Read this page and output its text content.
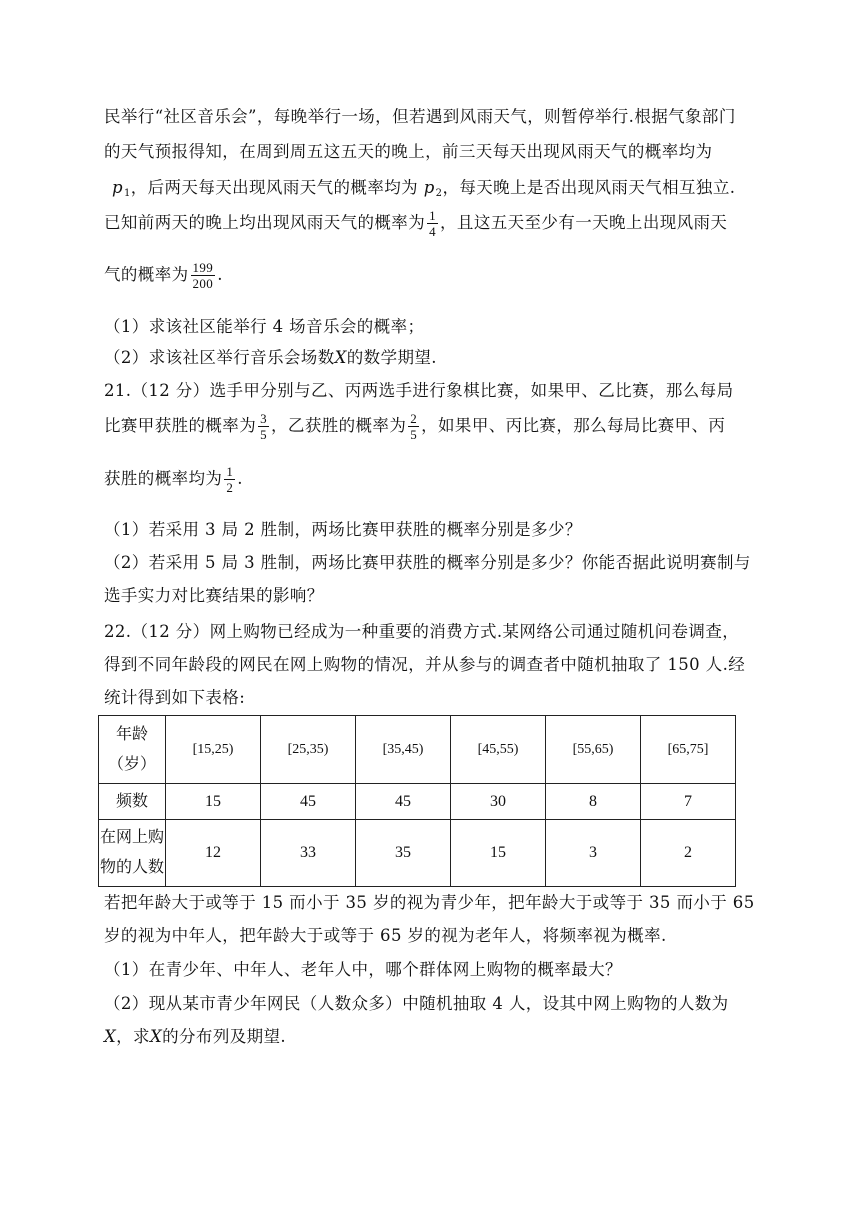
民举行“社区音乐会”，每晚举行一场，但若遇到风雨天气，则暂停举行.根据气象部门
的天气预报得知，在周到周五这五天的晚上，前三天每天出现风雨天气的概率均为
$p_1$，后两天每天出现风雨天气的概率均为 $p_2$，每天晚上是否出现风雨天气相互独立.
已知前两天的晚上均出现风雨天气的概率为 $\frac{1}{4}$ ，且这五天至少有一天晚上出现风雨天
气的概率为 $\frac{199}{200}$ .
（1）求该社区能举行 4 场音乐会的概率；
（2）求该社区举行音乐会场数X的数学期望.
21.（12 分）选手甲分别与乙、丙两选手进行象棋比赛，如果甲、乙比赛，那么每局
比赛甲获胜的概率为 $\frac{3}{5}$ ，乙获胜的概率为 $\frac{2}{5}$ ，如果甲、丙比赛，那么每局比赛甲、丙
获胜的概率均为 $\frac{1}{2}$ .
（1）若采用 3 局 2 胜制，两场比赛甲获胜的概率分别是多少？
（2）若采用 5 局 3 胜制，两场比赛甲获胜的概率分别是多少？你能否据此说明赛制与
选手实力对比赛结果的影响？
22.（12 分）网上购物已经成为一种重要的消费方式.某网络公司通过随机问卷调查，
得到不同年龄段的网民在网上购物的情况，并从参与的调查者中随机抽取了 150 人.经
统计得到如下表格:
年龄
（岁）	[15,25)	[25,35)	[35,45)	[45,55)	[55,65)	[65,75]
频数	15	45	45	30	8	7

在网上购
物的人数	12	33	35	15	3	2
若把年龄大于或等于 15 而小于 35 岁的视为青少年，把年龄大于或等于 35 而小于 65
岁的视为中年人，把年龄大于或等于 65 岁的视为老年人，将频率视为概率.
（1）在青少年、中年人、老年人中，哪个群体网上购物的概率最大？
（2）现从某市青少年网民（人数众多）中随机抽取 4 人，设其中网上购物的人数为
X，求X的分布列及期望.
